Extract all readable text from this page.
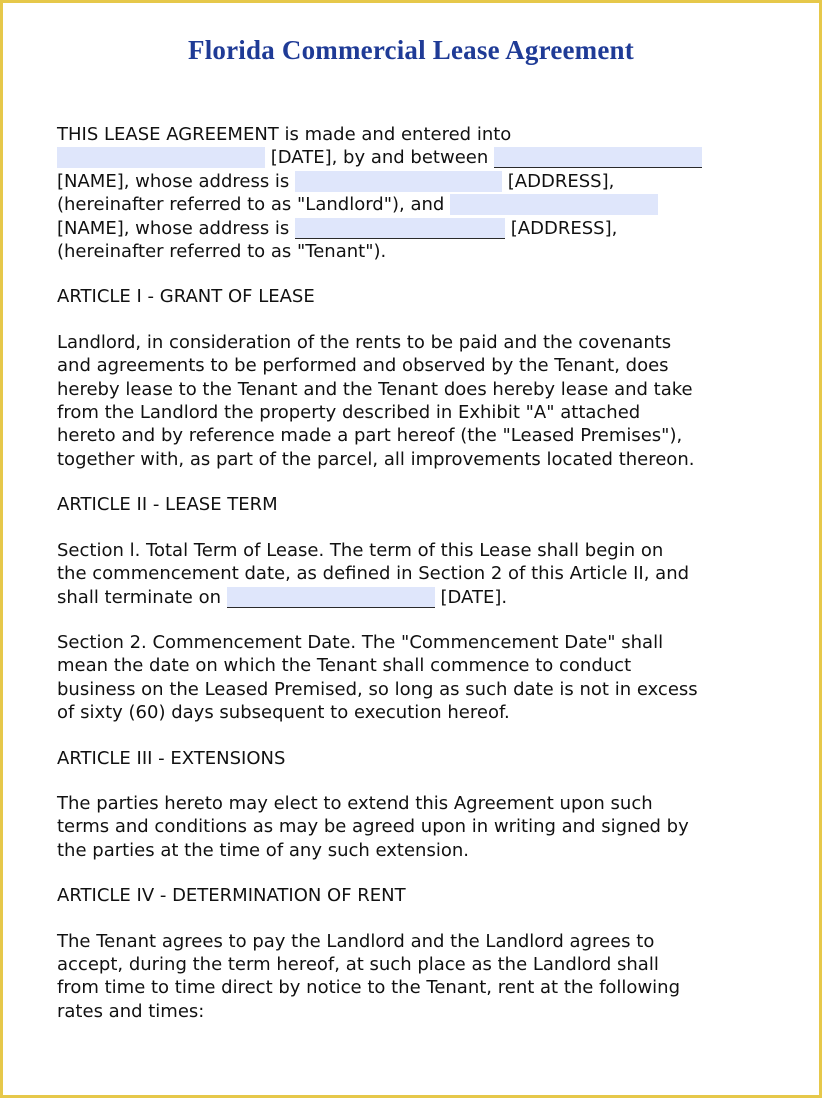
Florida Commercial Lease Agreement

THIS LEASE AGREEMENT is made and entered into

[DATE], by and between

[NAME], whose address is	[ADDRESS],

(hereinafter referred to as "Landlord"), and

[NAME], whose address is	[ADDRESS],

(hereinafter referred to as "Tenant").

ARTICLE I - GRANT OF LEASE

Landlord, in consideration of the rents to be paid and the covenants

and agreements to be performed and observed by the Tenant, does

hereby lease to the Tenant and the Tenant does hereby lease and take

from the Landlord the property described in Exhibit "A" attached

hereto and by reference made a part hereof (the "Leased Premises"),

together with, as part of the parcel, all improvements located thereon.

ARTICLE II - LEASE TERM

Section l. Total Term of Lease. The term of this Lease shall begin on

the commencement date, as defined in Section 2 of this Article II, and

shall terminate on	[DATE].

Section 2. Commencement Date. The "Commencement Date" shall

mean the date on which the Tenant shall commence to conduct

business on the Leased Premised, so long as such date is not in excess

of sixty (60) days subsequent to execution hereof.

ARTICLE III - EXTENSIONS

The parties hereto may elect to extend this Agreement upon such

terms and conditions as may be agreed upon in writing and signed by

the parties at the time of any such extension.

ARTICLE IV - DETERMINATION OF RENT

The Tenant agrees to pay the Landlord and the Landlord agrees to

accept, during the term hereof, at such place as the Landlord shall

from time to time direct by notice to the Tenant, rent at the following

rates and times:
